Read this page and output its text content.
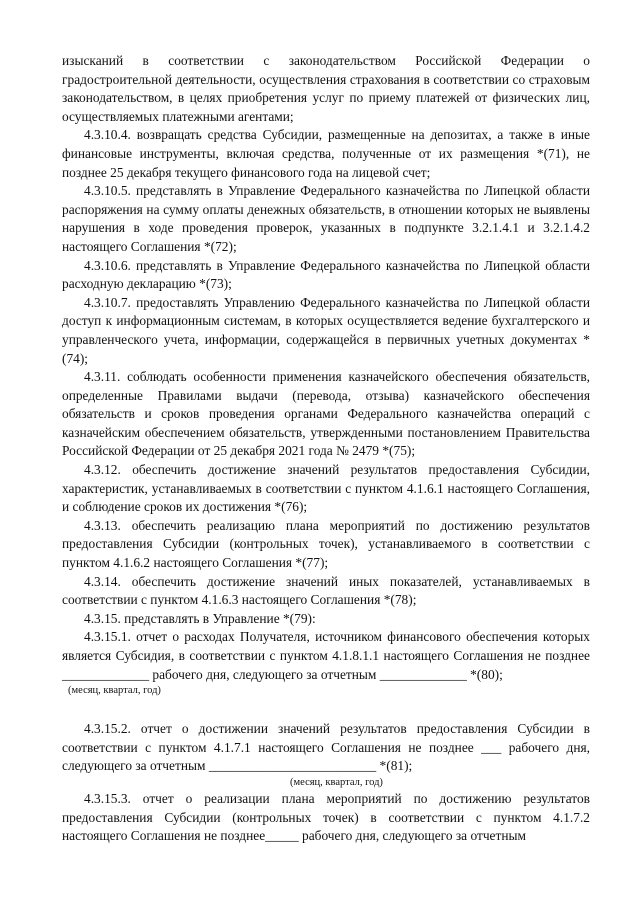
изысканий в соответствии с законодательством Российской Федерации о градостроительной деятельности, осуществления страхования в соответствии со страховым законодательством, в целях приобретения услуг по приему платежей от физических лиц, осуществляемых платежными агентами;

4.3.10.4. возвращать средства Субсидии, размещенные на депозитах, а также в иные финансовые инструменты, включая средства, полученные от их размещения *(71), не позднее 25 декабря текущего финансового года на лицевой счет;

4.3.10.5. представлять в Управление Федерального казначейства по Липецкой области распоряжения на сумму оплаты денежных обязательств, в отношении которых не выявлены нарушения в ходе проведения проверок, указанных в подпункте 3.2.1.4.1 и 3.2.1.4.2 настоящего Соглашения *(72);

4.3.10.6. представлять в Управление Федерального казначейства по Липецкой области расходную декларацию *(73);

4.3.10.7. предоставлять Управлению Федерального казначейства по Липецкой области доступ к информационным системам, в которых осуществляется ведение бухгалтерского и управленческого учета, информации, содержащейся в первичных учетных документах *(74);

4.3.11. соблюдать особенности применения казначейского обеспечения обязательств, определенные Правилами выдачи (перевода, отзыва) казначейского обеспечения обязательств и сроков проведения органами Федерального казначейства операций с казначейским обеспечением обязательств, утвержденными постановлением Правительства Российской Федерации от 25 декабря 2021 года № 2479 *(75);

4.3.12. обеспечить достижение значений результатов предоставления Субсидии, характеристик, устанавливаемых в соответствии с пунктом 4.1.6.1 настоящего Соглашения, и соблюдение сроков их достижения *(76);

4.3.13. обеспечить реализацию плана мероприятий по достижению результатов предоставления Субсидии (контрольных точек), устанавливаемого в соответствии с пунктом 4.1.6.2 настоящего Соглашения *(77);

4.3.14. обеспечить достижение значений иных показателей, устанавливаемых в соответствии с пунктом 4.1.6.3 настоящего Соглашения *(78);

4.3.15. представлять в Управление *(79):

4.3.15.1. отчет о расходах Получателя, источником финансового обеспечения которых является Субсидия, в соответствии с пунктом 4.1.8.1.1 настоящего Соглашения не позднее _____________ рабочего дня, следующего за отчетным _____________ *(80);

(месяц, квартал, год)

4.3.15.2. отчет о достижении значений результатов предоставления Субсидии в соответствии с пунктом 4.1.7.1 настоящего Соглашения не позднее ___ рабочего дня, следующего за отчетным _________________________ *(81);

(месяц, квартал, год)

4.3.15.3. отчет о реализации плана мероприятий по достижению результатов предоставления Субсидии (контрольных точек) в соответствии с пунктом 4.1.7.2 настоящего Соглашения не позднее_____ рабочего дня, следующего за отчетным
